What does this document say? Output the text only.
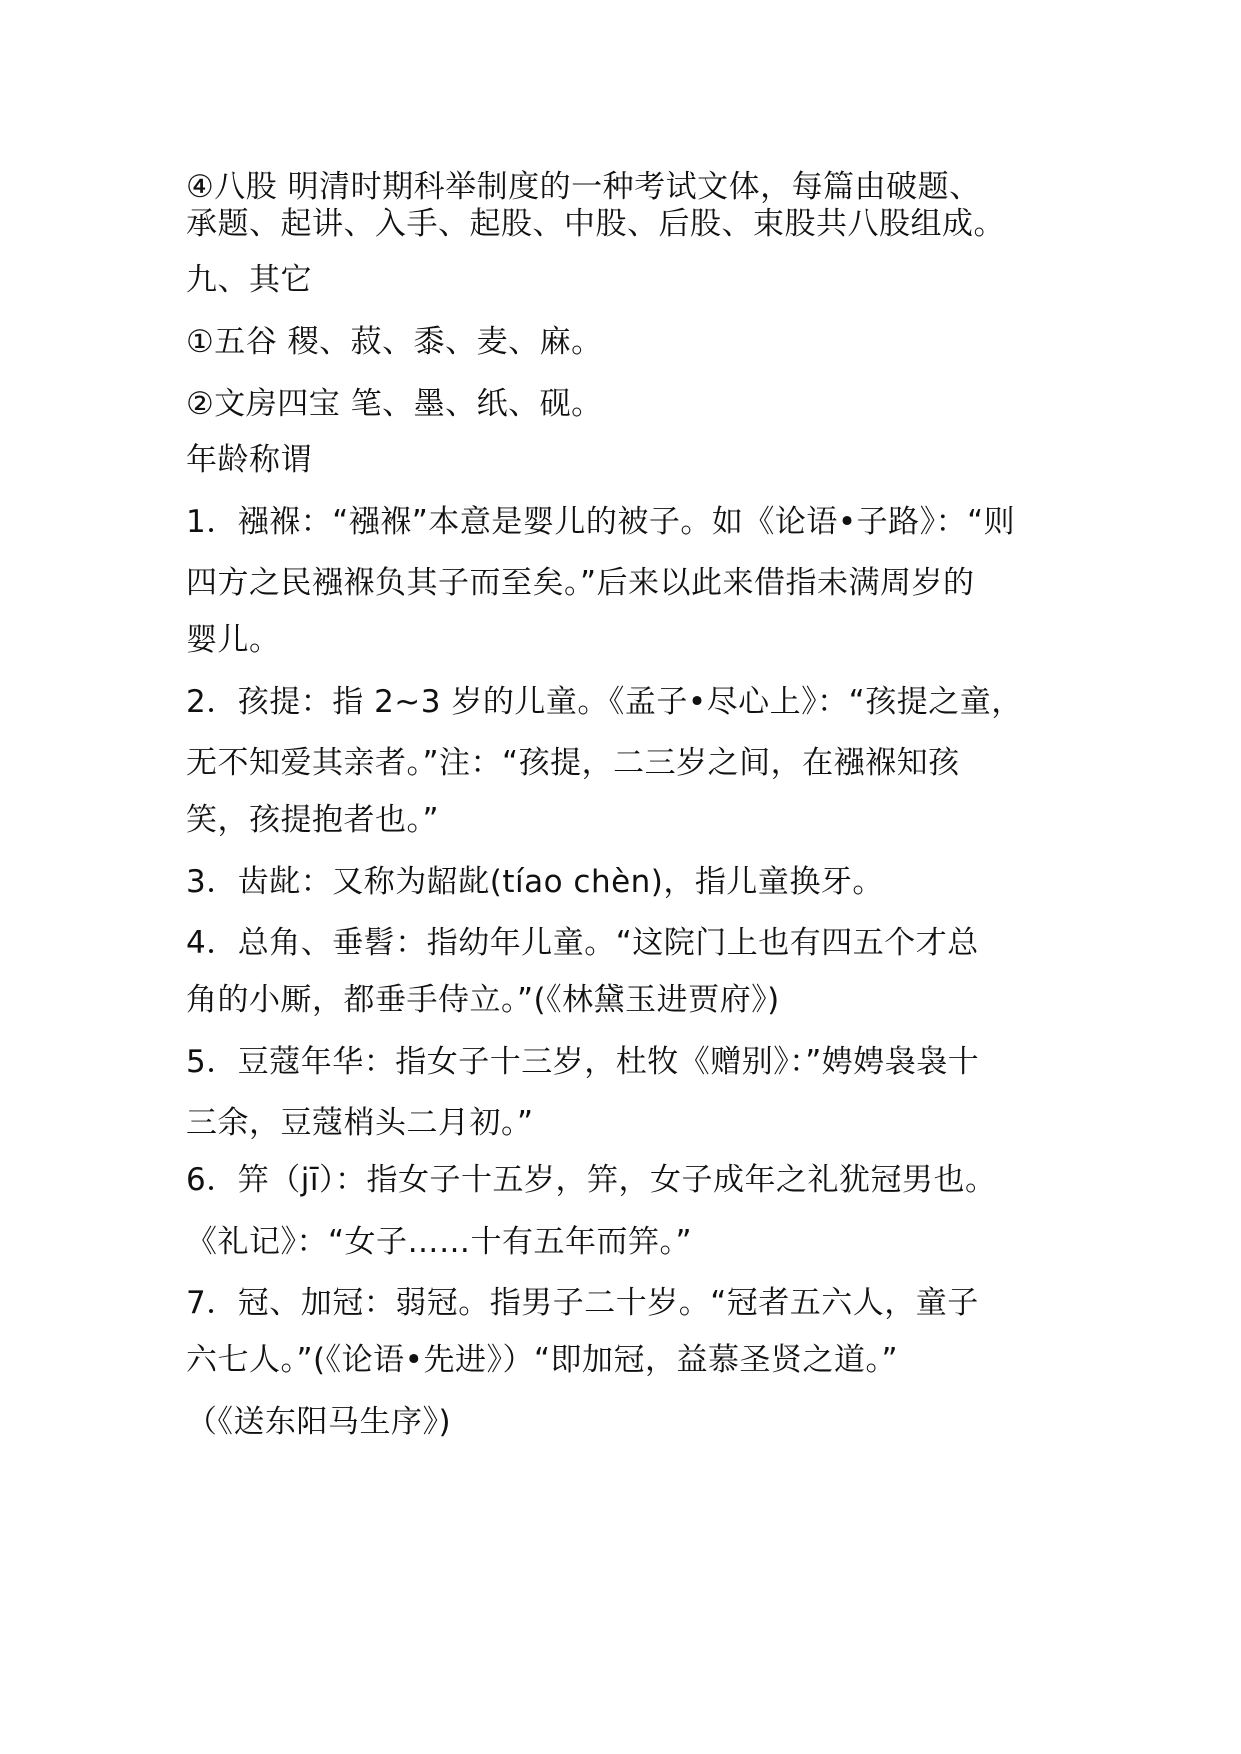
④八股 明清时期科举制度的一种考试文体，每篇由破题、
承题、起讲、入手、起股、中股、后股、束股共八股组成。
九、其它
①五谷 稷、菽、黍、麦、麻。
②文房四宝 笔、墨、纸、砚。
年龄称谓
1．襁褓：“襁褓”本意是婴儿的被子。如《论语•子路》：“则
四方之民襁褓负其子而至矣。”后来以此来借指未满周岁的
婴儿。
2．孩提：指 2~3 岁的儿童。《孟子•尽心上》：“孩提之童，
无不知爱其亲者。”注：“孩提，二三岁之间，在襁褓知孩
笑，孩提抱者也。”
3．齿龀：又称为龆龀(tíao chèn)，指儿童换牙。
4．总角、垂髫：指幼年儿童。“这院门上也有四五个才总
角的小厮，都垂手侍立。”(《林黛玉进贾府》)
5．豆蔻年华：指女子十三岁，杜牧《赠别》：”娉娉袅袅十
三余，豆蔻梢头二月初。”
6．笄（jī）：指女子十五岁，笄，女子成年之礼犹冠男也。
《礼记》：“女子……十有五年而笄。”
7．冠、加冠：弱冠。指男子二十岁。“冠者五六人，童子
六七人。”(《论语•先进》）“即加冠，益慕圣贤之道。”
（《送东阳马生序》)
